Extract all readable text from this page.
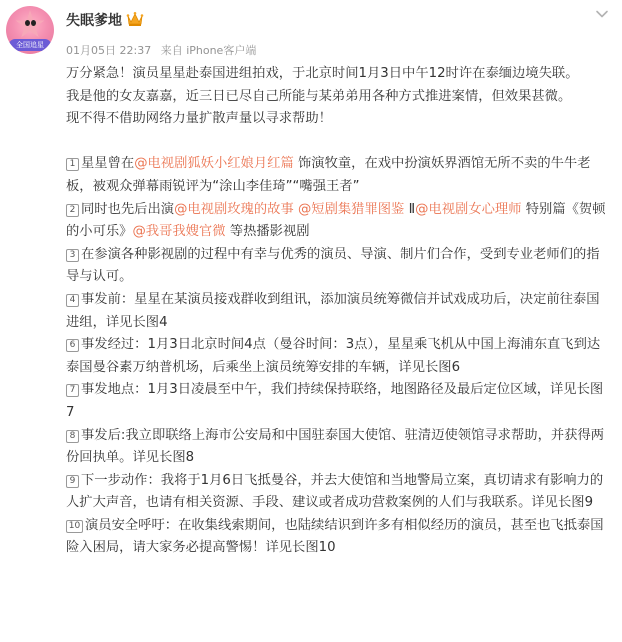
全国追星
失眠爹地
01月05日 22:37 来自 iPhone客户端

万分紧急！演员星星赴泰国进组拍戏，于北京时间1月3日中午12时许在泰缅边境失联。

我是他的女友嘉嘉，近三日已尽自己所能与某弟弟用各种方式推进案情，但效果甚微。

现不得不借助网络力量扩散声量以寻求帮助！

1 星星曾在@电视剧狐妖小红娘月红篇 饰演牧童，在戏中扮演妖界酒馆无所不卖的牛牛老板，被观众弹幕雨锐评为“涂山李佳琦”“嘴强王者”

2 同时也先后出演@电视剧玫瑰的故事 @短剧集猎罪图鉴 Ⅱ@电视剧女心理师 特别篇《贺顿的小可乐》@我哥我嫂官微 等热播影视剧

3 在参演各种影视剧的过程中有幸与优秀的演员、导演、制片们合作，受到专业老师们的指导与认可。

4 事发前：星星在某演员接戏群收到组讯，添加演员统筹微信并试戏成功后，决定前往泰国进组，详见长图4

6 事发经过：1月3日北京时间4点（曼谷时间：3点），星星乘飞机从中国上海浦东直飞到达泰国曼谷素万纳普机场，后乘坐上演员统筹安排的车辆，详见长图6

7 事发地点：1月3日凌晨至中午，我们持续保持联络，地图路径及最后定位区域，详见长图7

8 事发后:我立即联络上海市公安局和中国驻泰国大使馆、驻清迈使领馆寻求帮助，并获得两份回执单。详见长图8

9 下一步动作：我将于1月6日飞抵曼谷，并去大使馆和当地警局立案，真切请求有影响力的人扩大声音，也请有相关资源、手段、建议或者成功营救案例的人们与我联系。详见长图9

10 演员安全呼吁：在收集线索期间，也陆续结识到许多有相似经历的演员，甚至也飞抵泰国险入困局，请大家务必提高警惕！详见长图10
